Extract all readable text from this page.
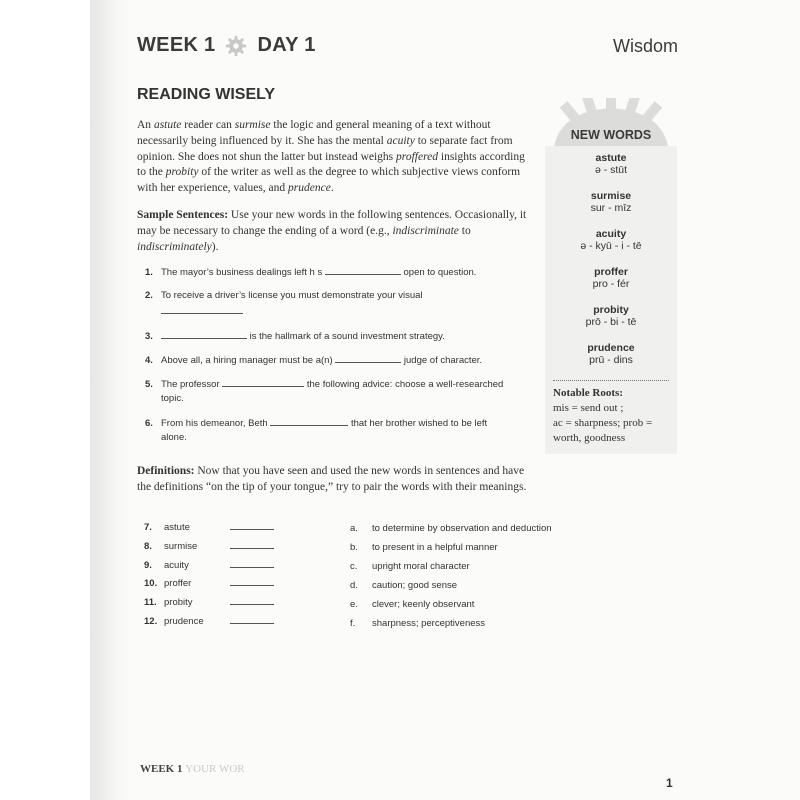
WEEK 1 DAY 1	Wisdom
READING WISELY
An astute reader can surmise the logic and general meaning of a text without necessarily being influenced by it. She has the mental acuity to separate fact from opinion. She does not shun the latter but instead weighs proffered insights according to the probity of the writer as well as the degree to which subjective views conform with her experience, values, and prudence.
Sample Sentences: Use your new words in the following sentences. Occasionally, it may be necessary to change the ending of a word (e.g., indiscriminate to indiscriminately).
1. The mayor’s business dealings left h s	open to question.
2. To receive a driver’s license you must demonstrate your visual
3.	is the hallmark of a sound investment strategy.
4. Above all, a hiring manager must be a(n)	judge of character.
5. The professor	the following advice: choose a well-researched
topic.
6. From his demeanor, Beth	that her brother wished to be left
alone.
Definitions: Now that you have seen and used the new words in sentences and have the definitions “on the tip of your tongue,” try to pair the words with their meanings.
7. astute
8. surmise
9. acuity
10. proffer
11. probity
12. prudence
a. to determine by observation and deduction
b. to present in a helpful manner
c. upright moral character
d. caution; good sense
e. clever; keenly observant
f. sharpness; perceptiveness
NEW WORDS
astute
ə - stūt
surmise
sur - mīz
acuity
ə - kyū - i - tē
proffer
pro - fér
probity
prō - bi - tē
prudence
prū - dins
Notable Roots:
mis = send out ;
ac = sharpness; prob = worth, goodness
WEEK 1 YOUR WOR
1
